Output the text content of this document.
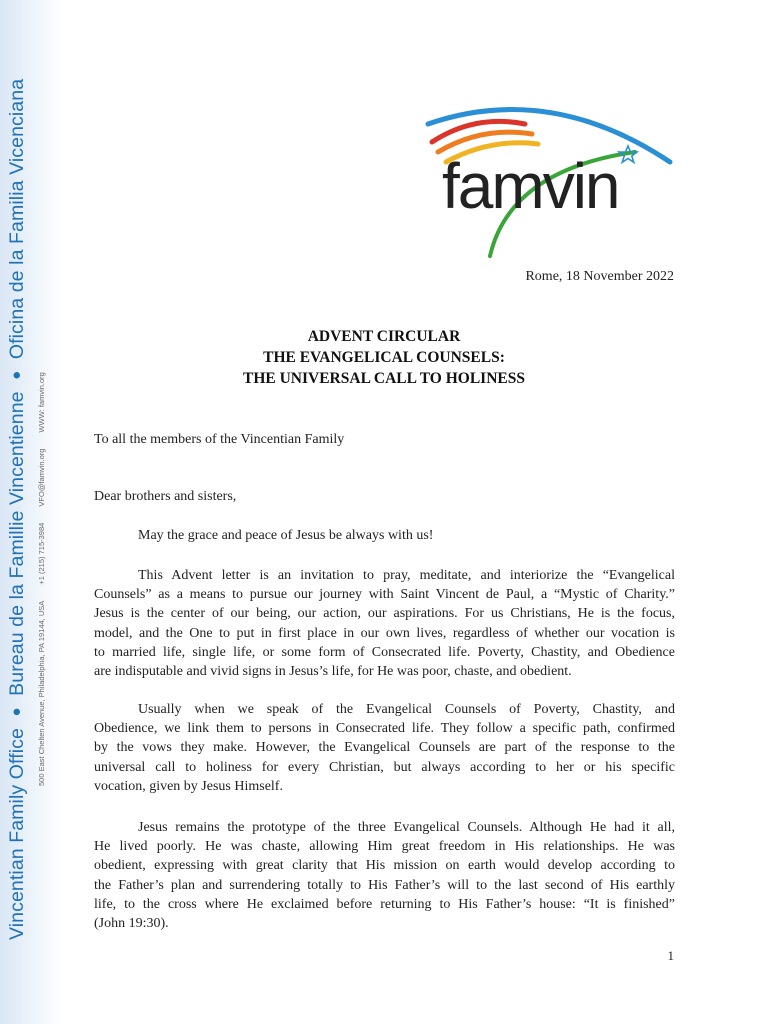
Vincentian Family Office ● Bureau de la Famillie Vincentienne ● Oficina de la Familia Vicenciana
500 East Chelten Avenue, Philadelphia, PA 19144, USA +1 (215) 715-3984 VFO@famvin.org WWW: famvin.org
famvin
Rome, 18 November 2022
ADVENT CIRCULAR
THE EVANGELICAL COUNSELS:
THE UNIVERSAL CALL TO HOLINESS
To all the members of the Vincentian Family
Dear brothers and sisters,
May the grace and peace of Jesus be always with us!
This Advent letter is an invitation to pray, meditate, and interiorize the “Evangelical
Counsels” as a means to pursue our journey with Saint Vincent de Paul, a “Mystic of Charity.”
Jesus is the center of our being, our action, our aspirations. For us Christians, He is the focus,
model, and the One to put in first place in our own lives, regardless of whether our vocation is
to married life, single life, or some form of Consecrated life. Poverty, Chastity, and Obedience
are indisputable and vivid signs in Jesus’s life, for He was poor, chaste, and obedient.
Usually when we speak of the Evangelical Counsels of Poverty, Chastity, and
Obedience, we link them to persons in Consecrated life. They follow a specific path, confirmed
by the vows they make. However, the Evangelical Counsels are part of the response to the
universal call to holiness for every Christian, but always according to her or his specific
vocation, given by Jesus Himself.
Jesus remains the prototype of the three Evangelical Counsels. Although He had it all,
He lived poorly. He was chaste, allowing Him great freedom in His relationships. He was
obedient, expressing with great clarity that His mission on earth would develop according to
the Father’s plan and surrendering totally to His Father’s will to the last second of His earthly
life, to the cross where He exclaimed before returning to His Father’s house: “It is finished”
(John 19:30).
1
